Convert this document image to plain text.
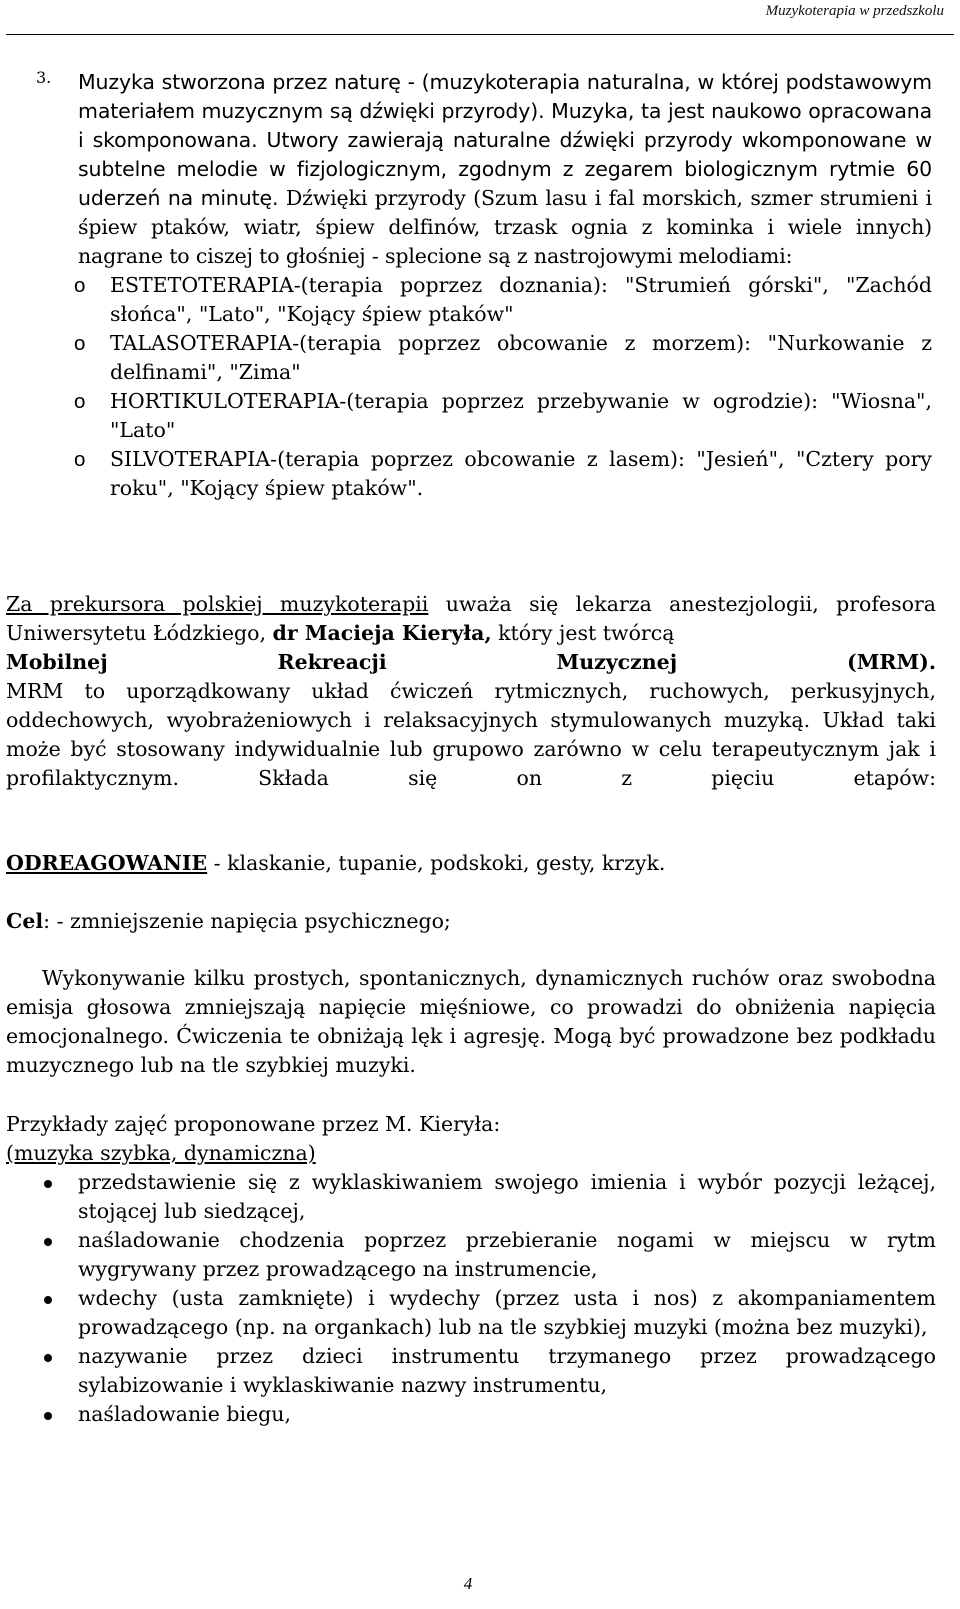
Muzykoterapia w przedszkolu
3. Muzyka stworzona przez naturę - (muzykoterapia naturalna, w której podstawowym materiałem muzycznym są dźwięki przyrody). Muzyka, ta jest naukowo opracowana i skomponowana. Utwory zawierają naturalne dźwięki przyrody wkomponowane w subtelne melodie w fizjologicznym, zgodnym z zegarem biologicznym rytmie 60 uderzeń na minutę. Dźwięki przyrody (Szum lasu i fal morskich, szmer strumieni i śpiew ptaków, wiatr, śpiew delfinów, trzask ognia z kominka i wiele innych) nagrane to ciszej to głośniej - splecione są z nastrojowymi melodiami:
o ESTETOTERAPIA-(terapia poprzez doznania): "Strumień górski", "Zachód słońca", "Lato", "Kojący śpiew ptaków"
o TALASOTERAPIA-(terapia poprzez obcowanie z morzem): "Nurkowanie z delfinami", "Zima"
o HORTIKULOTERAPIA-(terapia poprzez przebywanie w ogrodzie): "Wiosna", "Lato"
o SILVOTERAPIA-(terapia poprzez obcowanie z lasem): "Jesień", "Cztery pory roku", "Kojący śpiew ptaków".
Za prekursora polskiej muzykoterapii uważa się lekarza anestezjologii, profesora Uniwersytetu Łódzkiego, dr Macieja Kieryła, który jest twórcą
Mobilnej Rekreacji Muzycznej (MRM).
MRM to uporządkowany układ ćwiczeń rytmicznych, ruchowych, perkusyjnych, oddechowych, wyobrażeniowych i relaksacyjnych stymulowanych muzyką. Układ taki może być stosowany indywidualnie lub grupowo zarówno w celu terapeutycznym jak i profilaktycznym. Składa się on z pięciu etapów:
ODREAGOWANIE - klaskanie, tupanie, podskoki, gesty, krzyk.
Cel: - zmniejszenie napięcia psychicznego;
Wykonywanie kilku prostych, spontanicznych, dynamicznych ruchów oraz swobodna emisja głosowa zmniejszają napięcie mięśniowe, co prowadzi do obniżenia napięcia emocjonalnego. Ćwiczenia te obniżają lęk i agresję. Mogą być prowadzone bez podkładu muzycznego lub na tle szybkiej muzyki.
Przykłady zajęć proponowane przez M. Kieryła:
(muzyka szybka, dynamiczna)
przedstawienie się z wyklaskiwaniem swojego imienia i wybór pozycji leżącej, stojącej lub siedzącej,
naśladowanie chodzenia poprzez przebieranie nogami w miejscu w rytm wygrywany przez prowadzącego na instrumencie,
wdechy (usta zamknięte) i wydechy (przez usta i nos) z akompaniamentem prowadzącego (np. na organkach) lub na tle szybkiej muzyki (można bez muzyki),
nazywanie przez dzieci instrumentu trzymanego przez prowadzącego sylabizowanie i wyklaskiwanie nazwy instrumentu,
naśladowanie biegu,
4
